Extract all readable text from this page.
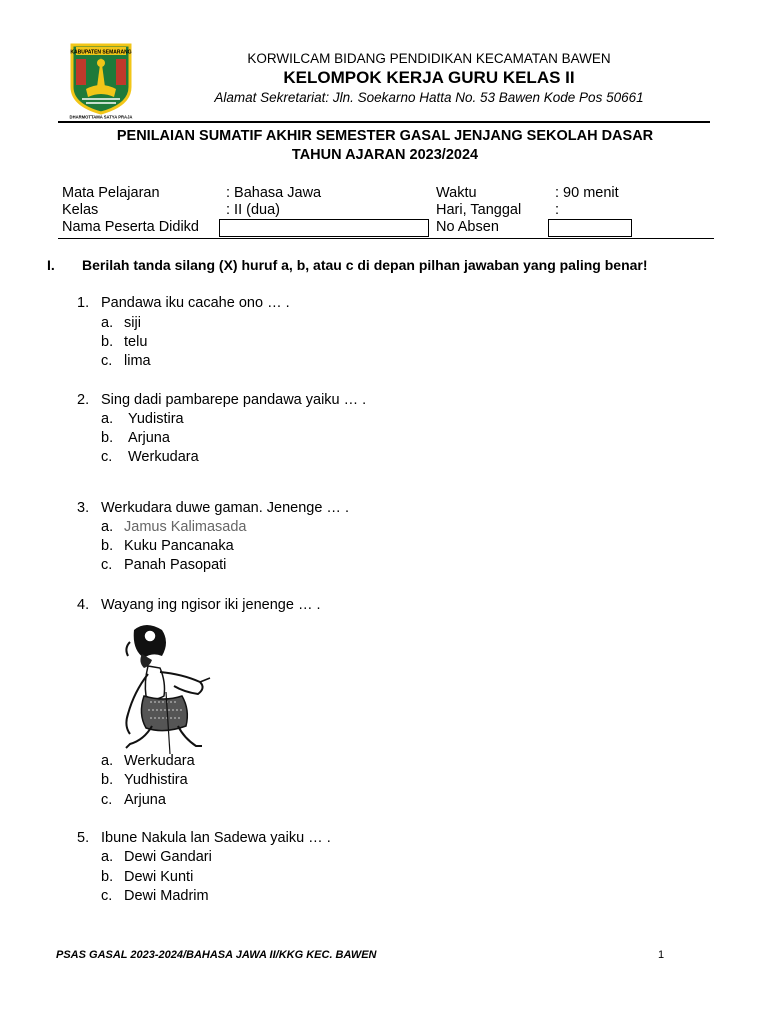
KABUPATEN SEMARANG
DHARMOTTAMA SATYA PRAJA
KORWILCAM BIDANG PENDIDIKAN KECAMATAN BAWEN
KELOMPOK KERJA GURU KELAS II
Alamat Sekretariat: Jln. Soekarno Hatta No. 53 Bawen Kode Pos 50661
PENILAIAN SUMATIF AKHIR SEMESTER GASAL JENJANG SEKOLAH DASAR
TAHUN AJARAN 2023/2024
Mata Pelajaran	: Bahasa Jawa	Waktu	: 90 menit
Kelas	: II (dua)	Hari, Tanggal :
Nama Peserta Didikd	No Absen
I. Berilah tanda silang (X) huruf a, b, atau c di depan pilhan jawaban yang paling benar!
1. Pandawa iku cacahe ono … .
a. siji
b. telu
c. lima
2. Sing dadi pambarepe pandawa yaiku … .
a. Yudistira
b. Arjuna
c. Werkudara
3. Werkudara duwe gaman. Jenenge … .
a. Jamus Kalimasada
b. Kuku Pancanaka
c. Panah Pasopati
4. Wayang ing ngisor iki jenenge … .
a. Werkudara
b. Yudhistira
c. Arjuna
5. Ibune Nakula lan Sadewa yaiku … .
a. Dewi Gandari
b. Dewi Kunti
c. Dewi Madrim
PSAS GASAL 2023-2024/BAHASA JAWA II/KKG KEC. BAWEN	1
